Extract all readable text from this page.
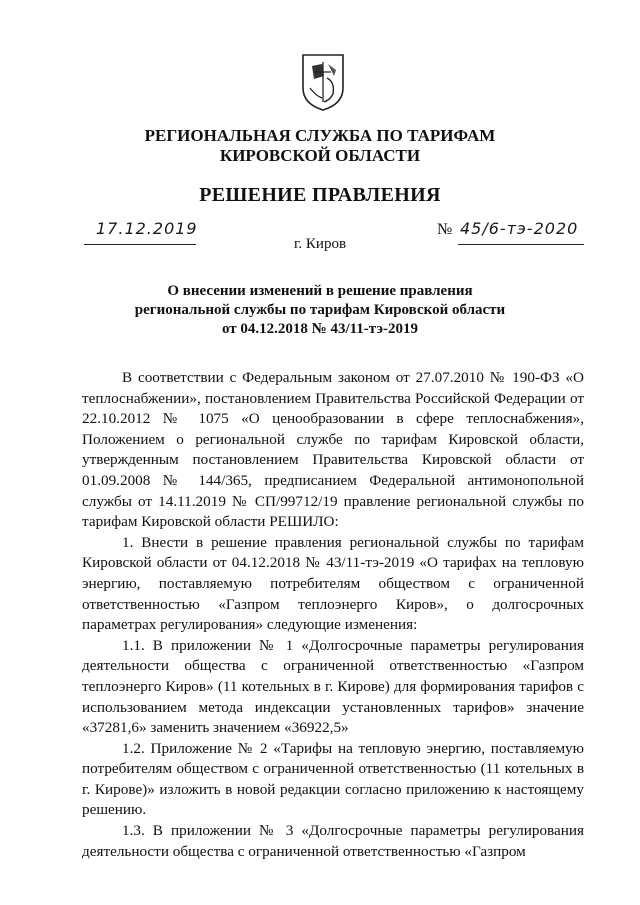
РЕГИОНАЛЬНАЯ СЛУЖБА ПО ТАРИФАМ
КИРОВСКОЙ ОБЛАСТИ
РЕШЕНИЕ ПРАВЛЕНИЯ
17.12.2019	№ 45/6-тэ-2020
г. Киров
О внесении изменений в решение правления
региональной службы по тарифам Кировской области
от 04.12.2018 № 43/11-тэ-2019

В соответствии с Федеральным законом от 27.07.2010 № 190-ФЗ «О теплоснабжении», постановлением Правительства Российской Федерации от 22.10.2012 № 1075 «О ценообразовании в сфере теплоснабжения», Положением о региональной службе по тарифам Кировской области, утвержденным постановлением Правительства Кировской области от 01.09.2008 № 144/365, предписанием Федеральной антимонопольной службы от 14.11.2019 № СП/99712/19 правление региональной службы по тарифам Кировской области РЕШИЛО:

1. Внести в решение правления региональной службы по тарифам Кировской области от 04.12.2018 № 43/11-тэ-2019 «О тарифах на тепловую энергию, поставляемую потребителям обществом с ограниченной ответственностью «Газпром теплоэнерго Киров», о долгосрочных параметрах регулирования» следующие изменения:

1.1. В приложении № 1 «Долгосрочные параметры регулирования деятельности общества с ограниченной ответственностью «Газпром теплоэнерго Киров» (11 котельных в г. Кирове) для формирования тарифов с использованием метода индексации установленных тарифов» значение «37281,6» заменить значением «36922,5»

1.2. Приложение № 2 «Тарифы на тепловую энергию, поставляемую потребителям обществом с ограниченной ответственностью (11 котельных в г. Кирове)» изложить в новой редакции согласно приложению к настоящему решению.

1.3. В приложении № 3 «Долгосрочные параметры регулирования деятельности общества с ограниченной ответственностью «Газпром
